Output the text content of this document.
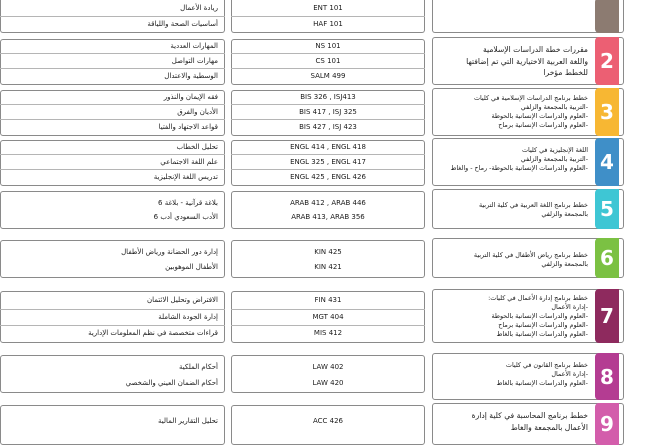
ريادة الأعمال
أساسيات الصحة واللياقة
ENT 101
HAF 101
المهارات العددية
مهارات التواصل
الوسطية والاعتدال
NS 101
CS 101
SALM 499
مقررات خطة الدراسات الإسلامية
واللغة العربية الاختيارية التي تم إضافتها
للخطط مؤخرا 2
فقه الإيمان والنذور
الأديان والفرق
قواعد الاجتهاد والفتيا
BIS 326 , ISJ413
BIS 417 , ISJ 325
BIS 427 , ISJ 423
خطط برنامج الدراسات الإسلامية في كليات
-التربية بالمجمعة والزلفي
-العلوم والدراسات الإنسانية بالحوطة
-العلوم والدراسات الإنسانية برماح
3
تحليل الخطاب
علم اللغة الاجتماعي
تدريس اللغة الإنجليزية
ENGL 414 , ENGL 418
ENGL 325 , ENGL 417
ENGL 425 , ENGL 426
اللغة الإنجليزية في كليات
-التربية بالمجمعة والزلفي
-العلوم والدراسات الإنسانية بالحوطة- رماح - والغاط 4
بلاغة قرآنية - بلاغة 6
الأدب السعودي أدب 6
ARAB 412 , ARAB 446
ARAB 413, ARAB 356
خطط برنامج اللغة العربية في كلية التربية
بالمجمعة والزلفي 5
إدارة دور الحضانة ورياض الأطفال
الأطفال الموهوبين
KIN 425
KIN 421
خطط برنامج رياض الأطفال في كلية التربية
بالمجمعة والزلفي 6
الافتراض وتحليل الائتمان
إدارة الجودة الشاملة
قراءات متخصصة في نظم المعلومات الإدارية
FIN 431
MGT 404
MIS 412
خطط برنامج إدارة الأعمال في كليات:
-إدارة الأعمال
-العلوم والدراسات الإنسانية بالحوطة
-العلوم والدراسات الإنسانية برماح
-العلوم والدراسات الإنسانية بالغاط
7
أحكام الملكية
أحكام الضمان العيني والشخصي
LAW 402
LAW 420
خطط برنامج القانون في كليات
-إدارة الأعمال
-العلوم والدراسات الإنسانية بالغاط 8
تحليل التقارير المالية	ACC 426
خطط برنامج المحاسبة في كلية إدارة
الأعمال بالمجمعة والغاط 9
